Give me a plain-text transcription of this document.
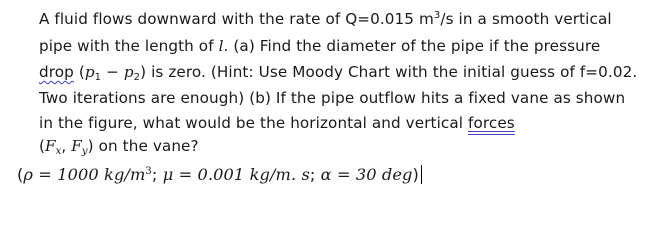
A fluid flows downward with the rate of Q=0.015 $m^3/s$ in a smooth vertical
pipe with the length of l. (a) Find the diameter of the pipe if the pressure
drop $(p_1 - p_2)$ is zero. (Hint: Use Moody Chart with the initial guess of f=0.02.
Two iterations are enough) (b) If the pipe outflow hits a fixed vane as shown
in the figure, what would be the horizontal and vertical forces
($F_x$, $F_y$) on the vane?
(ρ = 1000 $kg/m^3$; μ = 0.001 kg/m. s; α = 30 deg)
